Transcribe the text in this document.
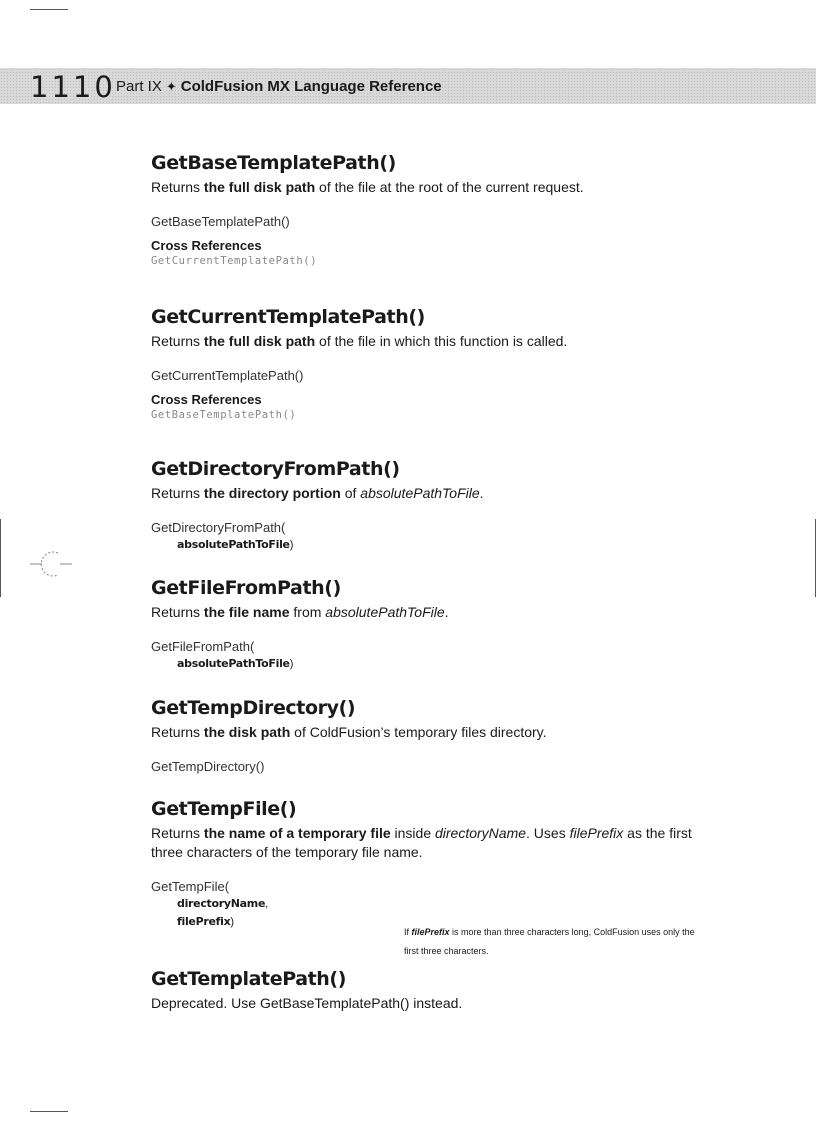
1110 Part IX ✦ ColdFusion MX Language Reference
GetBaseTemplatePath()

Returns the full disk path of the file at the root of the current request.

GetBaseTemplatePath()
Cross References
GetCurrentTemplatePath()
GetCurrentTemplatePath()

Returns the full disk path of the file in which this function is called.

GetCurrentTemplatePath()
Cross References
GetBaseTemplatePath()
GetDirectoryFromPath()

Returns the directory portion of absolutePathToFile.

GetDirectoryFromPath(
absolutePathToFile)
GetFileFromPath()

Returns the file name from absolutePathToFile.

GetFileFromPath(
absolutePathToFile)
GetTempDirectory()

Returns the disk path of ColdFusion’s temporary files directory.

GetTempDirectory()
GetTempFile()

Returns the name of a temporary file inside directoryName. Uses filePrefix as the first three characters of the temporary file name.

GetTempFile(
directoryName,
filePrefix)
GetTemplatePath()

Deprecated. Use GetBaseTemplatePath() instead.

If filePrefix is more than three characters long, ColdFusion uses only the
first three characters.
